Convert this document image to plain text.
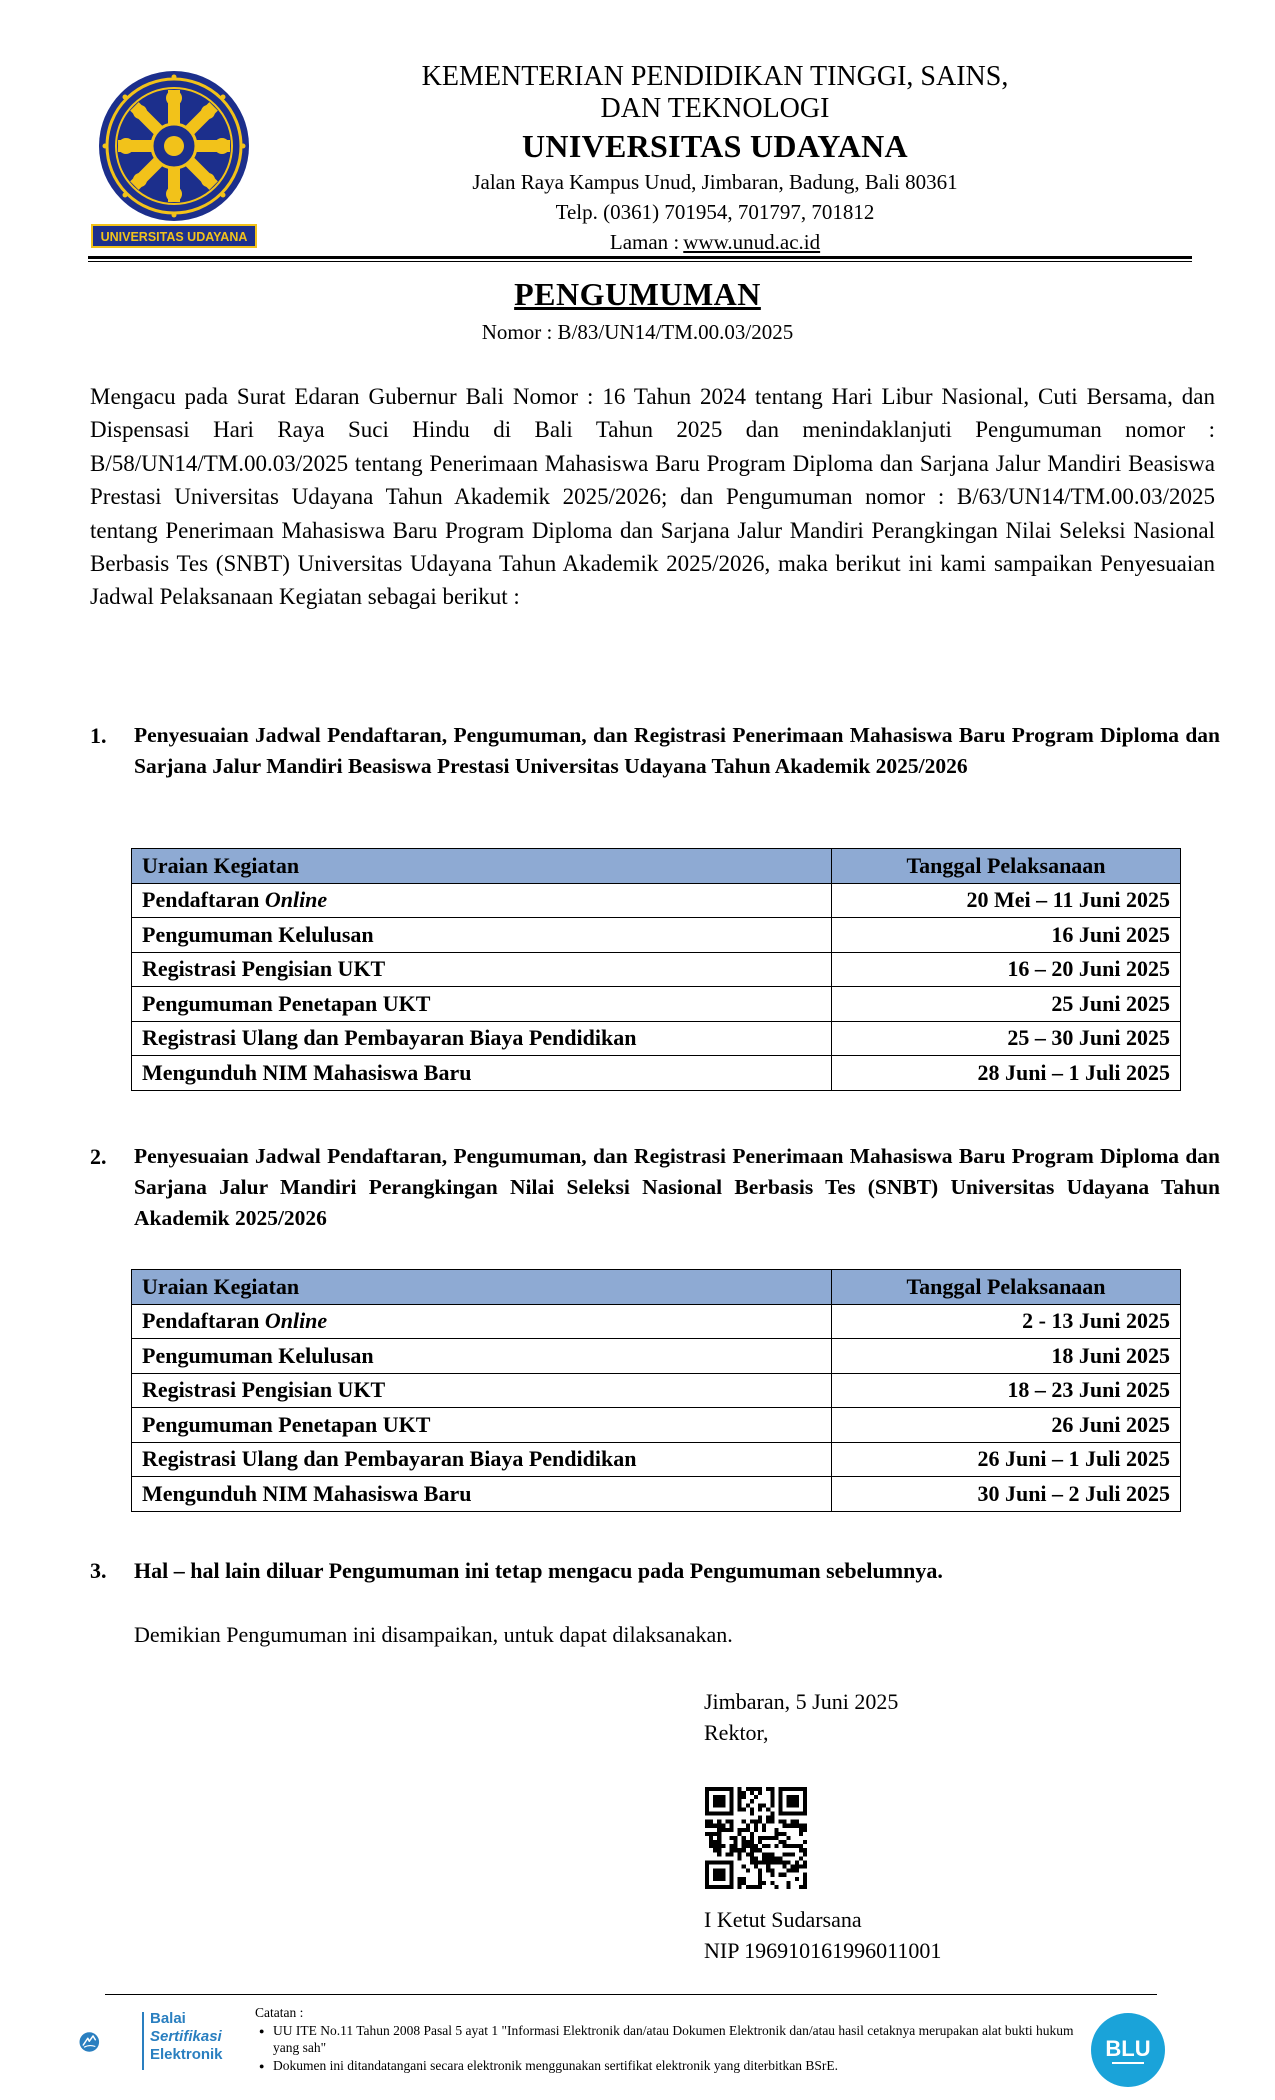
UNIVERSITAS UDAYANA
KEMENTERIAN PENDIDIKAN TINGGI, SAINS,
DAN TEKNOLOGI
UNIVERSITAS UDAYANA
Jalan Raya Kampus Unud, Jimbaran, Badung, Bali 80361
Telp. (0361) 701954, 701797, 701812
Laman : www.unud.ac.id
PENGUMUMAN
Nomor : B/83/UN14/TM.00.03/2025
Mengacu pada Surat Edaran Gubernur Bali Nomor : 16 Tahun 2024 tentang Hari Libur Nasional, Cuti Bersama, dan Dispensasi Hari Raya Suci Hindu di Bali Tahun 2025 dan menindaklanjuti Pengumuman nomor : B/58/UN14/TM.00.03/2025 tentang Penerimaan Mahasiswa Baru Program Diploma dan Sarjana Jalur Mandiri Beasiswa Prestasi Universitas Udayana Tahun Akademik 2025/2026; dan Pengumuman nomor : B/63/UN14/TM.00.03/2025 tentang Penerimaan Mahasiswa Baru Program Diploma dan Sarjana Jalur Mandiri Perangkingan Nilai Seleksi Nasional Berbasis Tes (SNBT) Universitas Udayana Tahun Akademik 2025/2026, maka berikut ini kami sampaikan Penyesuaian Jadwal Pelaksanaan Kegiatan sebagai berikut :
1. Penyesuaian Jadwal Pendaftaran, Pengumuman, dan Registrasi Penerimaan Mahasiswa Baru Program Diploma dan Sarjana Jalur Mandiri Beasiswa Prestasi Universitas Udayana Tahun Akademik 2025/2026
Uraian Kegiatan	Tanggal Pelaksanaan
Pendaftaran Online	20 Mei – 11 Juni 2025
Pengumuman Kelulusan	16 Juni 2025
Registrasi Pengisian UKT	16 – 20 Juni 2025
Pengumuman Penetapan UKT	25 Juni 2025
Registrasi Ulang dan Pembayaran Biaya Pendidikan	25 – 30 Juni 2025
Mengunduh NIM Mahasiswa Baru	28 Juni – 1 Juli 2025
2. Penyesuaian Jadwal Pendaftaran, Pengumuman, dan Registrasi Penerimaan Mahasiswa Baru Program Diploma dan Sarjana Jalur Mandiri Perangkingan Nilai Seleksi Nasional Berbasis Tes (SNBT) Universitas Udayana Tahun Akademik 2025/2026
Uraian Kegiatan	Tanggal Pelaksanaan
Pendaftaran Online	2 - 13 Juni 2025
Pengumuman Kelulusan	18 Juni 2025
Registrasi Pengisian UKT	18 – 23 Juni 2025
Pengumuman Penetapan UKT	26 Juni 2025
Registrasi Ulang dan Pembayaran Biaya Pendidikan	26 Juni – 1 Juli 2025
Mengunduh NIM Mahasiswa Baru	30 Juni – 2 Juli 2025
3. Hal – hal lain diluar Pengumuman ini tetap mengacu pada Pengumuman sebelumnya.
Demikian Pengumuman ini disampaikan, untuk dapat dilaksanakan.
Jimbaran, 5 Juni 2025
Rektor,
I Ketut Sudarsana
NIP 196910161996011001
Balai
Sertifikasi
Elektronik
Catatan :
● UU ITE No.11 Tahun 2008 Pasal 5 ayat 1 "Informasi Elektronik dan/atau Dokumen Elektronik dan/atau hasil cetaknya merupakan alat bukti hukum yang sah"
● Dokumen ini ditandatangani secara elektronik menggunakan sertifikat elektronik yang diterbitkan BSrE.
BLU
